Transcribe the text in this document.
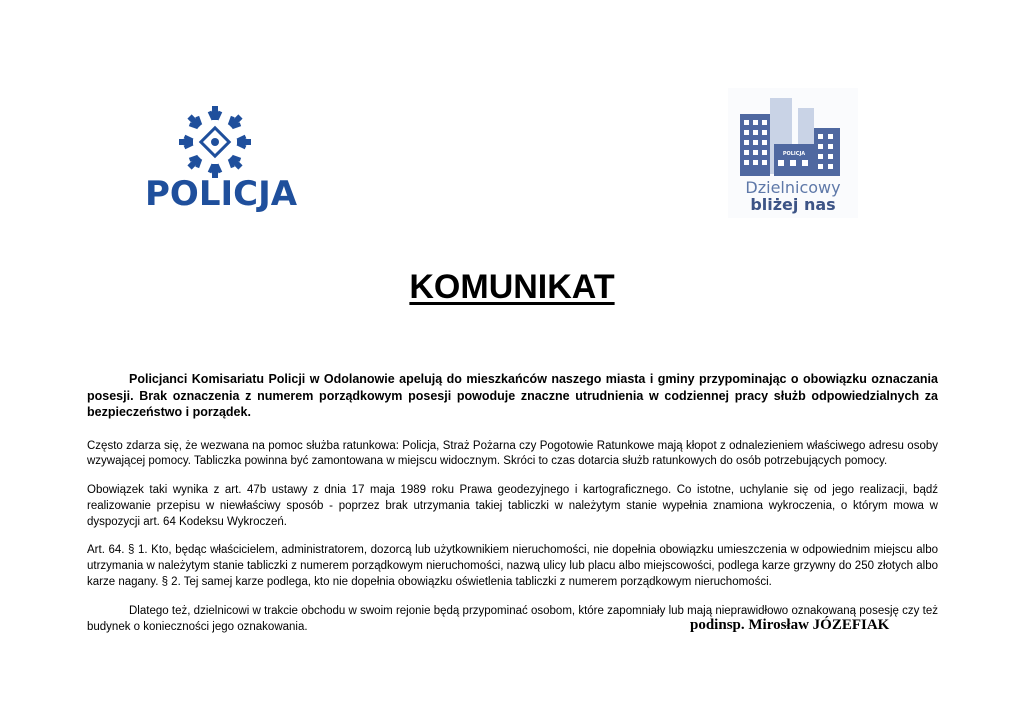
POLICJA
POLICJA
Dzielnicowy
bliżej nas
KOMUNIKAT

Policjanci Komisariatu Policji w Odolanowie apelują do mieszkańców naszego miasta i gminy przypominając o obowiązku oznaczania posesji. Brak oznaczenia z numerem porządkowym posesji powoduje znaczne utrudnienia w codziennej pracy służb odpowiedzialnych za bezpieczeństwo i porządek.

Często zdarza się, że wezwana na pomoc służba ratunkowa: Policja, Straż Pożarna czy Pogotowie Ratunkowe mają kłopot z odnalezieniem właściwego adresu osoby wzywającej pomocy. Tabliczka powinna być zamontowana w miejscu widocznym. Skróci to czas dotarcia służb ratunkowych do osób potrzebujących pomocy.

Obowiązek taki wynika z art. 47b ustawy z dnia 17 maja 1989 roku Prawa geodezyjnego i kartograficznego. Co istotne, uchylanie się od jego realizacji, bądź realizowanie przepisu w niewłaściwy sposób - poprzez brak utrzymania takiej tabliczki w należytym stanie wypełnia znamiona wykroczenia, o którym mowa w dyspozycji art. 64 Kodeksu Wykroczeń.

Art. 64. § 1. Kto, będąc właścicielem, administratorem, dozorcą lub użytkownikiem nieruchomości, nie dopełnia obowiązku umieszczenia w odpowiednim miejscu albo utrzymania w należytym stanie tabliczki z numerem porządkowym nieruchomości, nazwą ulicy lub placu albo miejscowości, podlega karze grzywny do 250 złotych albo karze nagany. § 2. Tej samej karze podlega, kto nie dopełnia obowiązku oświetlenia tabliczki z numerem porządkowym nieruchomości.

Dlatego też, dzielnicowi w trakcie obchodu w swoim rejonie będą przypominać osobom, które zapomniały lub mają nieprawidłowo oznakowaną posesję czy też budynek o konieczności jego oznakowania.	podinsp. Mirosław JÓZEFIAK
